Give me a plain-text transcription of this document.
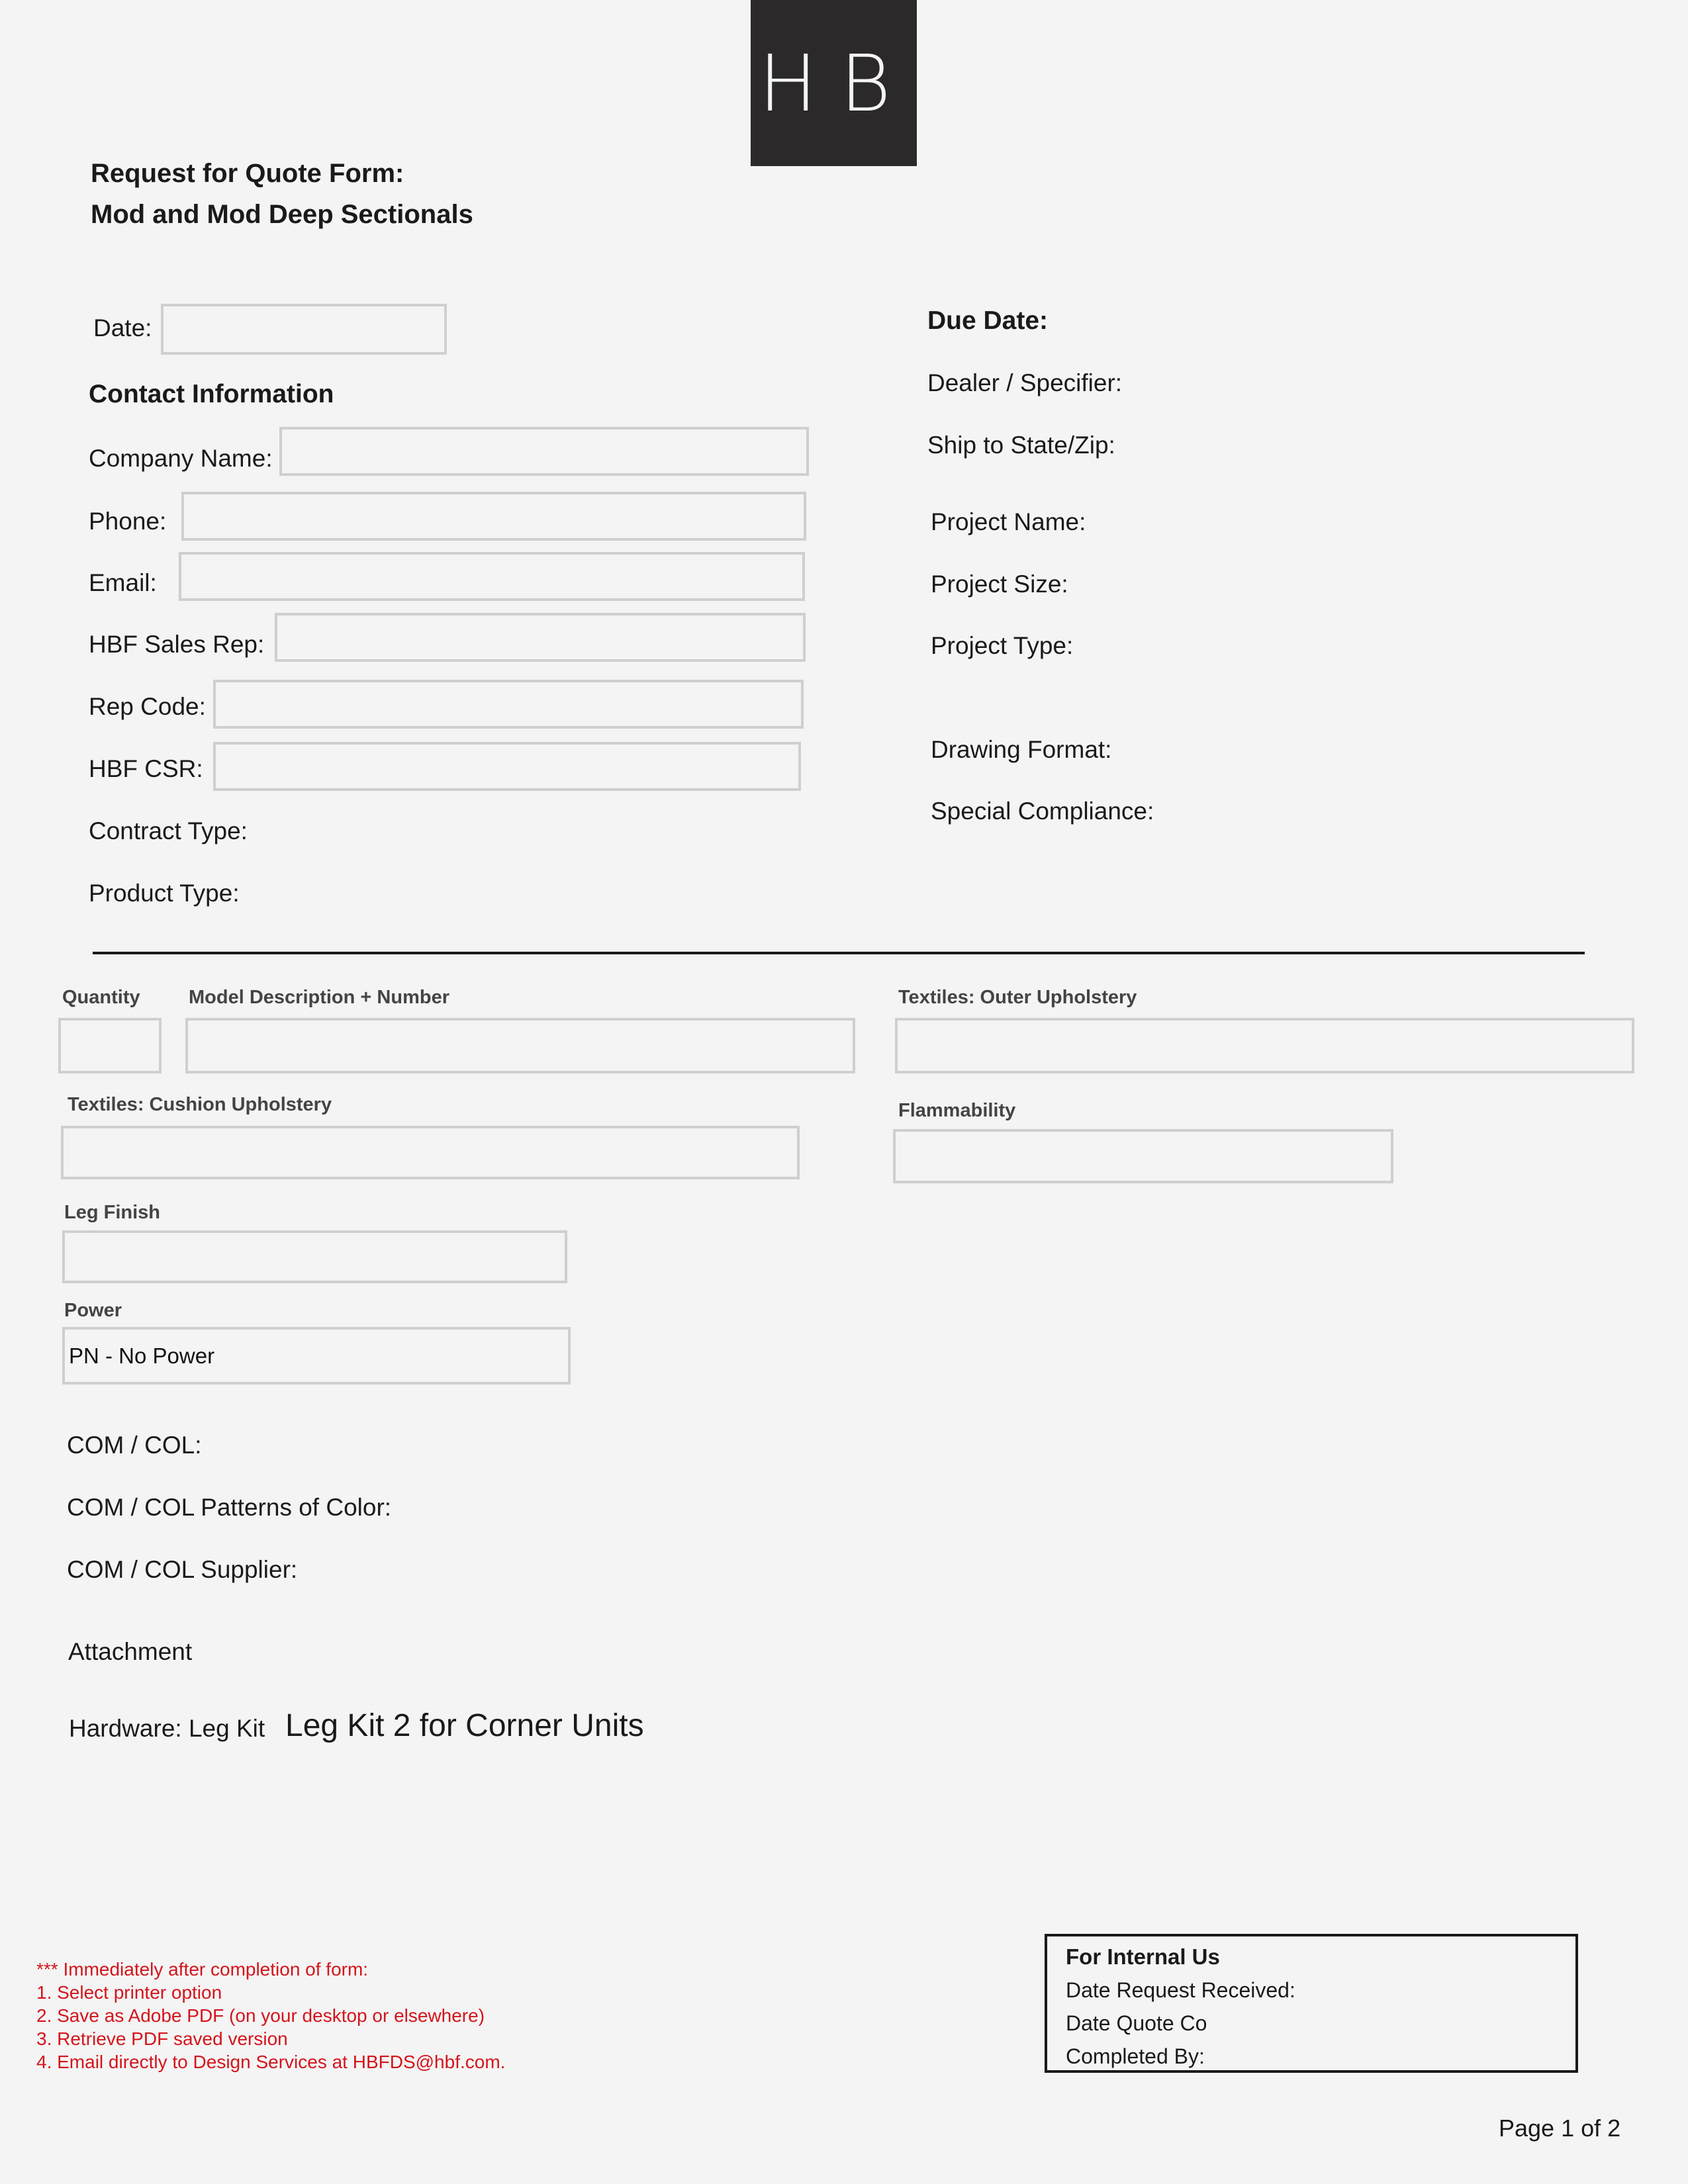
HBF
Request for Quote Form:
Mod and Mod Deep Sectionals
Date:
Contact Information
Company Name:
Phone:
Email:
HBF Sales Rep:
Rep Code:
HBF CSR:
Contract Type:
Product Type:
Due Date:
Dealer / Specifier:
Ship to State/Zip:
Project Name:
Project Size:
Project Type:
Drawing Format:
Special Compliance:
Quantity	Model Description + Number	Textiles: Outer Upholstery
Textiles: Cushion Upholstery	Flammability
Leg Finish
Power
PN - No Power
COM / COL:
COM / COL Patterns of Color:
COM / COL Supplier:
Attachment
Hardware: Leg Kit Leg Kit 2 for Corner Units
*** Immediately after completion of form:
1. Select printer option
2. Save as Adobe PDF (on your desktop or elsewhere)
3. Retrieve PDF saved version
4. Email directly to Design Services at HBFDS@hbf.com.
For Internal Us
Date Request Received:
Date Quote Co
Completed By:
Page 1 of 2
